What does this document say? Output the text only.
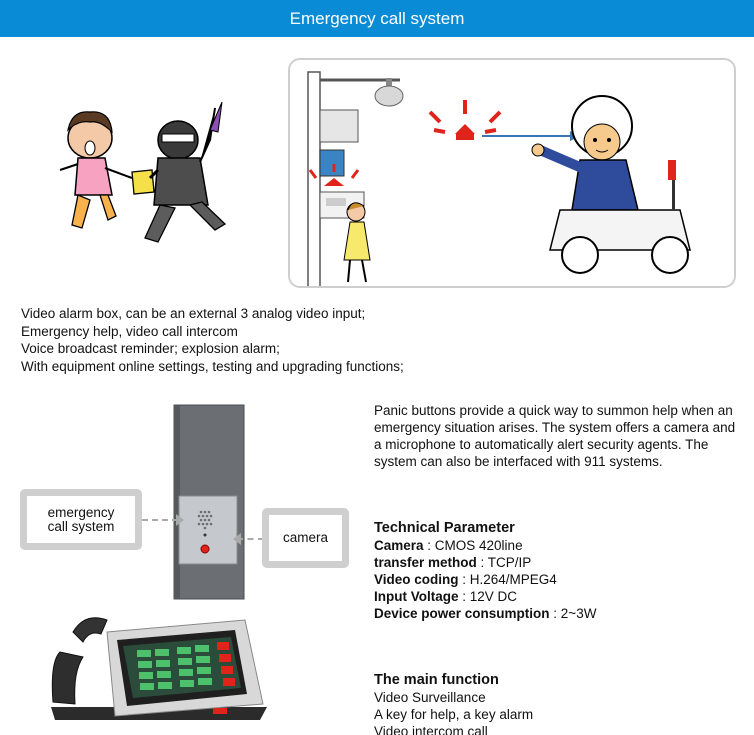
Emergency call system
Video alarm box, can be an external 3 analog video input;
Emergency help, video call intercom
Voice broadcast reminder; explosion alarm;
With equipment online settings, testing and upgrading functions;
emergency
call system
camera
Panic buttons provide a quick way to summon help when an emergency situation arises. The system offers a camera and a microphone to automatically alert security agents. The system can also be interfaced with 911 systems.
Technical Parameter
Camera : CMOS 420line
transfer method : TCP/IP
Video coding : H.264/MPEG4
Input Voltage : 12V DC
Device power consumption : 2~3W
The main function
Video Surveillance
A key for help, a key alarm
Video intercom call
